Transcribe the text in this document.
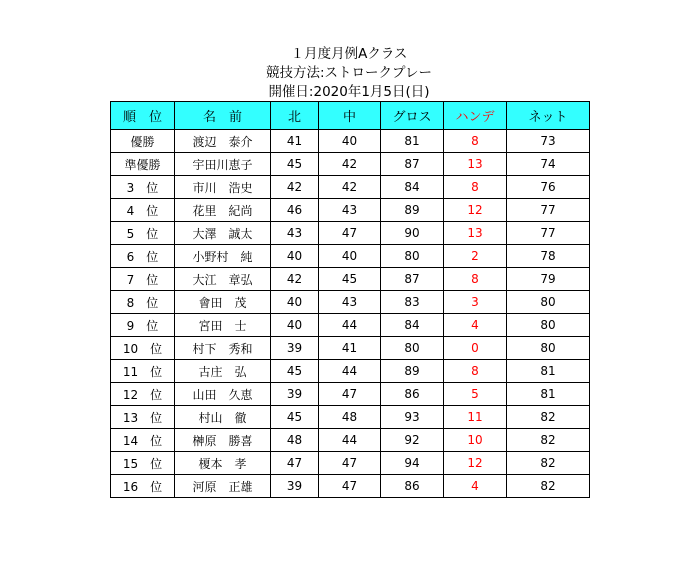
１月度月例Aクラス
競技方法:ストロークプレー
開催日:2020年1月5日(日)
順　位	名　前	北	中	グロス	ハンデ	ネット
優勝	渡辺　泰介	41	40	81	8	73
準優勝	宇田川恵子	45	42	87	13	74
3　位	市川　浩史	42	42	84	8	76
4　位	花里　紀尚	46	43	89	12	77
5　位	大澤　誠太	43	47	90	13	77
6　位	小野村　純	40	40	80	2	78
7　位	大江　章弘	42	45	87	8	79
8　位	會田　茂	40	43	83	3	80
9　位	宮田　士	40	44	84	4	80
10　位	村下　秀和	39	41	80	0	80
11　位	古庄　弘	45	44	89	8	81
12　位	山田　久恵	39	47	86	5	81
13　位	村山　徹	45	48	93	11	82
14　位	榊原　勝喜	48	44	92	10	82
15　位	榎本　孝	47	47	94	12	82
16　位	河原　正雄	39	47	86	4	82
